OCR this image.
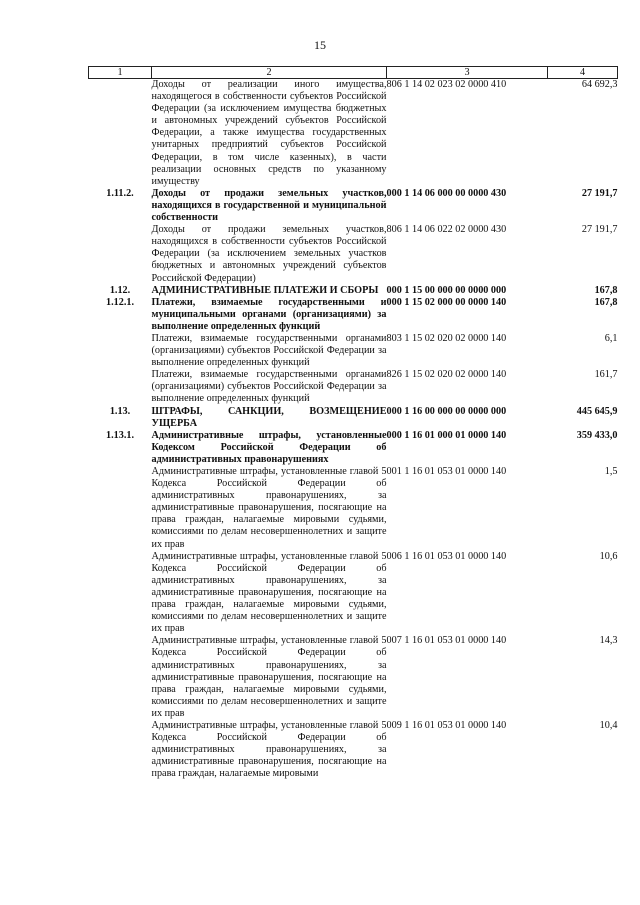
15
1	2	3	4
	Доходы от реализации иного имущества, находящегося в собственности субъектов Российской Федерации (за исключением имущества бюджетных и автономных учреждений субъектов Российской Федерации, а также имущества государственных унитарных предприятий субъектов Российской Федерации, в том числе казенных), в части реализации основных средств по указанному имуществу	806 1 14 02 023 02 0000 410	64 692,3
1.11.2.	Доходы от продажи земельных участков, находящихся в государственной и муниципальной собственности	000 1 14 06 000 00 0000 430	27 191,7
	Доходы от продажи земельных участков, находящихся в собственности субъектов Российской Федерации (за исключением земельных участков бюджетных и автономных учреждений субъектов Российской Федерации)	806 1 14 06 022 02 0000 430	27 191,7
1.12.	АДМИНИСТРАТИВНЫЕ ПЛАТЕЖИ И СБОРЫ	000 1 15 00 000 00 0000 000	167,8
1.12.1.	Платежи, взимаемые государственными и муниципальными органами (организациями) за выполнение определенных функций	000 1 15 02 000 00 0000 140	167,8
	Платежи, взимаемые государственными органами (организациями) субъектов Российской Федерации за выполнение определенных функций	803 1 15 02 020 02 0000 140	6,1
	Платежи, взимаемые государственными органами (организациями) субъектов Российской Федерации за выполнение определенных функций	826 1 15 02 020 02 0000 140	161,7
1.13.	ШТРАФЫ, САНКЦИИ, ВОЗМЕЩЕНИЕ УЩЕРБА	000 1 16 00 000 00 0000 000	445 645,9
1.13.1.	Административные штрафы, установленные Кодексом Российской Федерации об административных правонарушениях	000 1 16 01 000 01 0000 140	359 433,0
	Административные штрафы, установленные главой 5 Кодекса Российской Федерации об административных правонарушениях, за административные правонарушения, посягающие на права граждан, налагаемые мировыми судьями, комиссиями по делам несовершеннолетних и защите их прав	001 1 16 01 053 01 0000 140	1,5
	Административные штрафы, установленные главой 5 Кодекса Российской Федерации об административных правонарушениях, за административные правонарушения, посягающие на права граждан, налагаемые мировыми судьями, комиссиями по делам несовершеннолетних и защите их прав	006 1 16 01 053 01 0000 140	10,6
	Административные штрафы, установленные главой 5 Кодекса Российской Федерации об административных правонарушениях, за административные правонарушения, посягающие на права граждан, налагаемые мировыми судьями, комиссиями по делам несовершеннолетних и защите их прав	007 1 16 01 053 01 0000 140	14,3
	Административные штрафы, установленные главой 5 Кодекса Российской Федерации об административных правонарушениях, за административные правонарушения, посягающие на права граждан, налагаемые мировыми	009 1 16 01 053 01 0000 140	10,4
